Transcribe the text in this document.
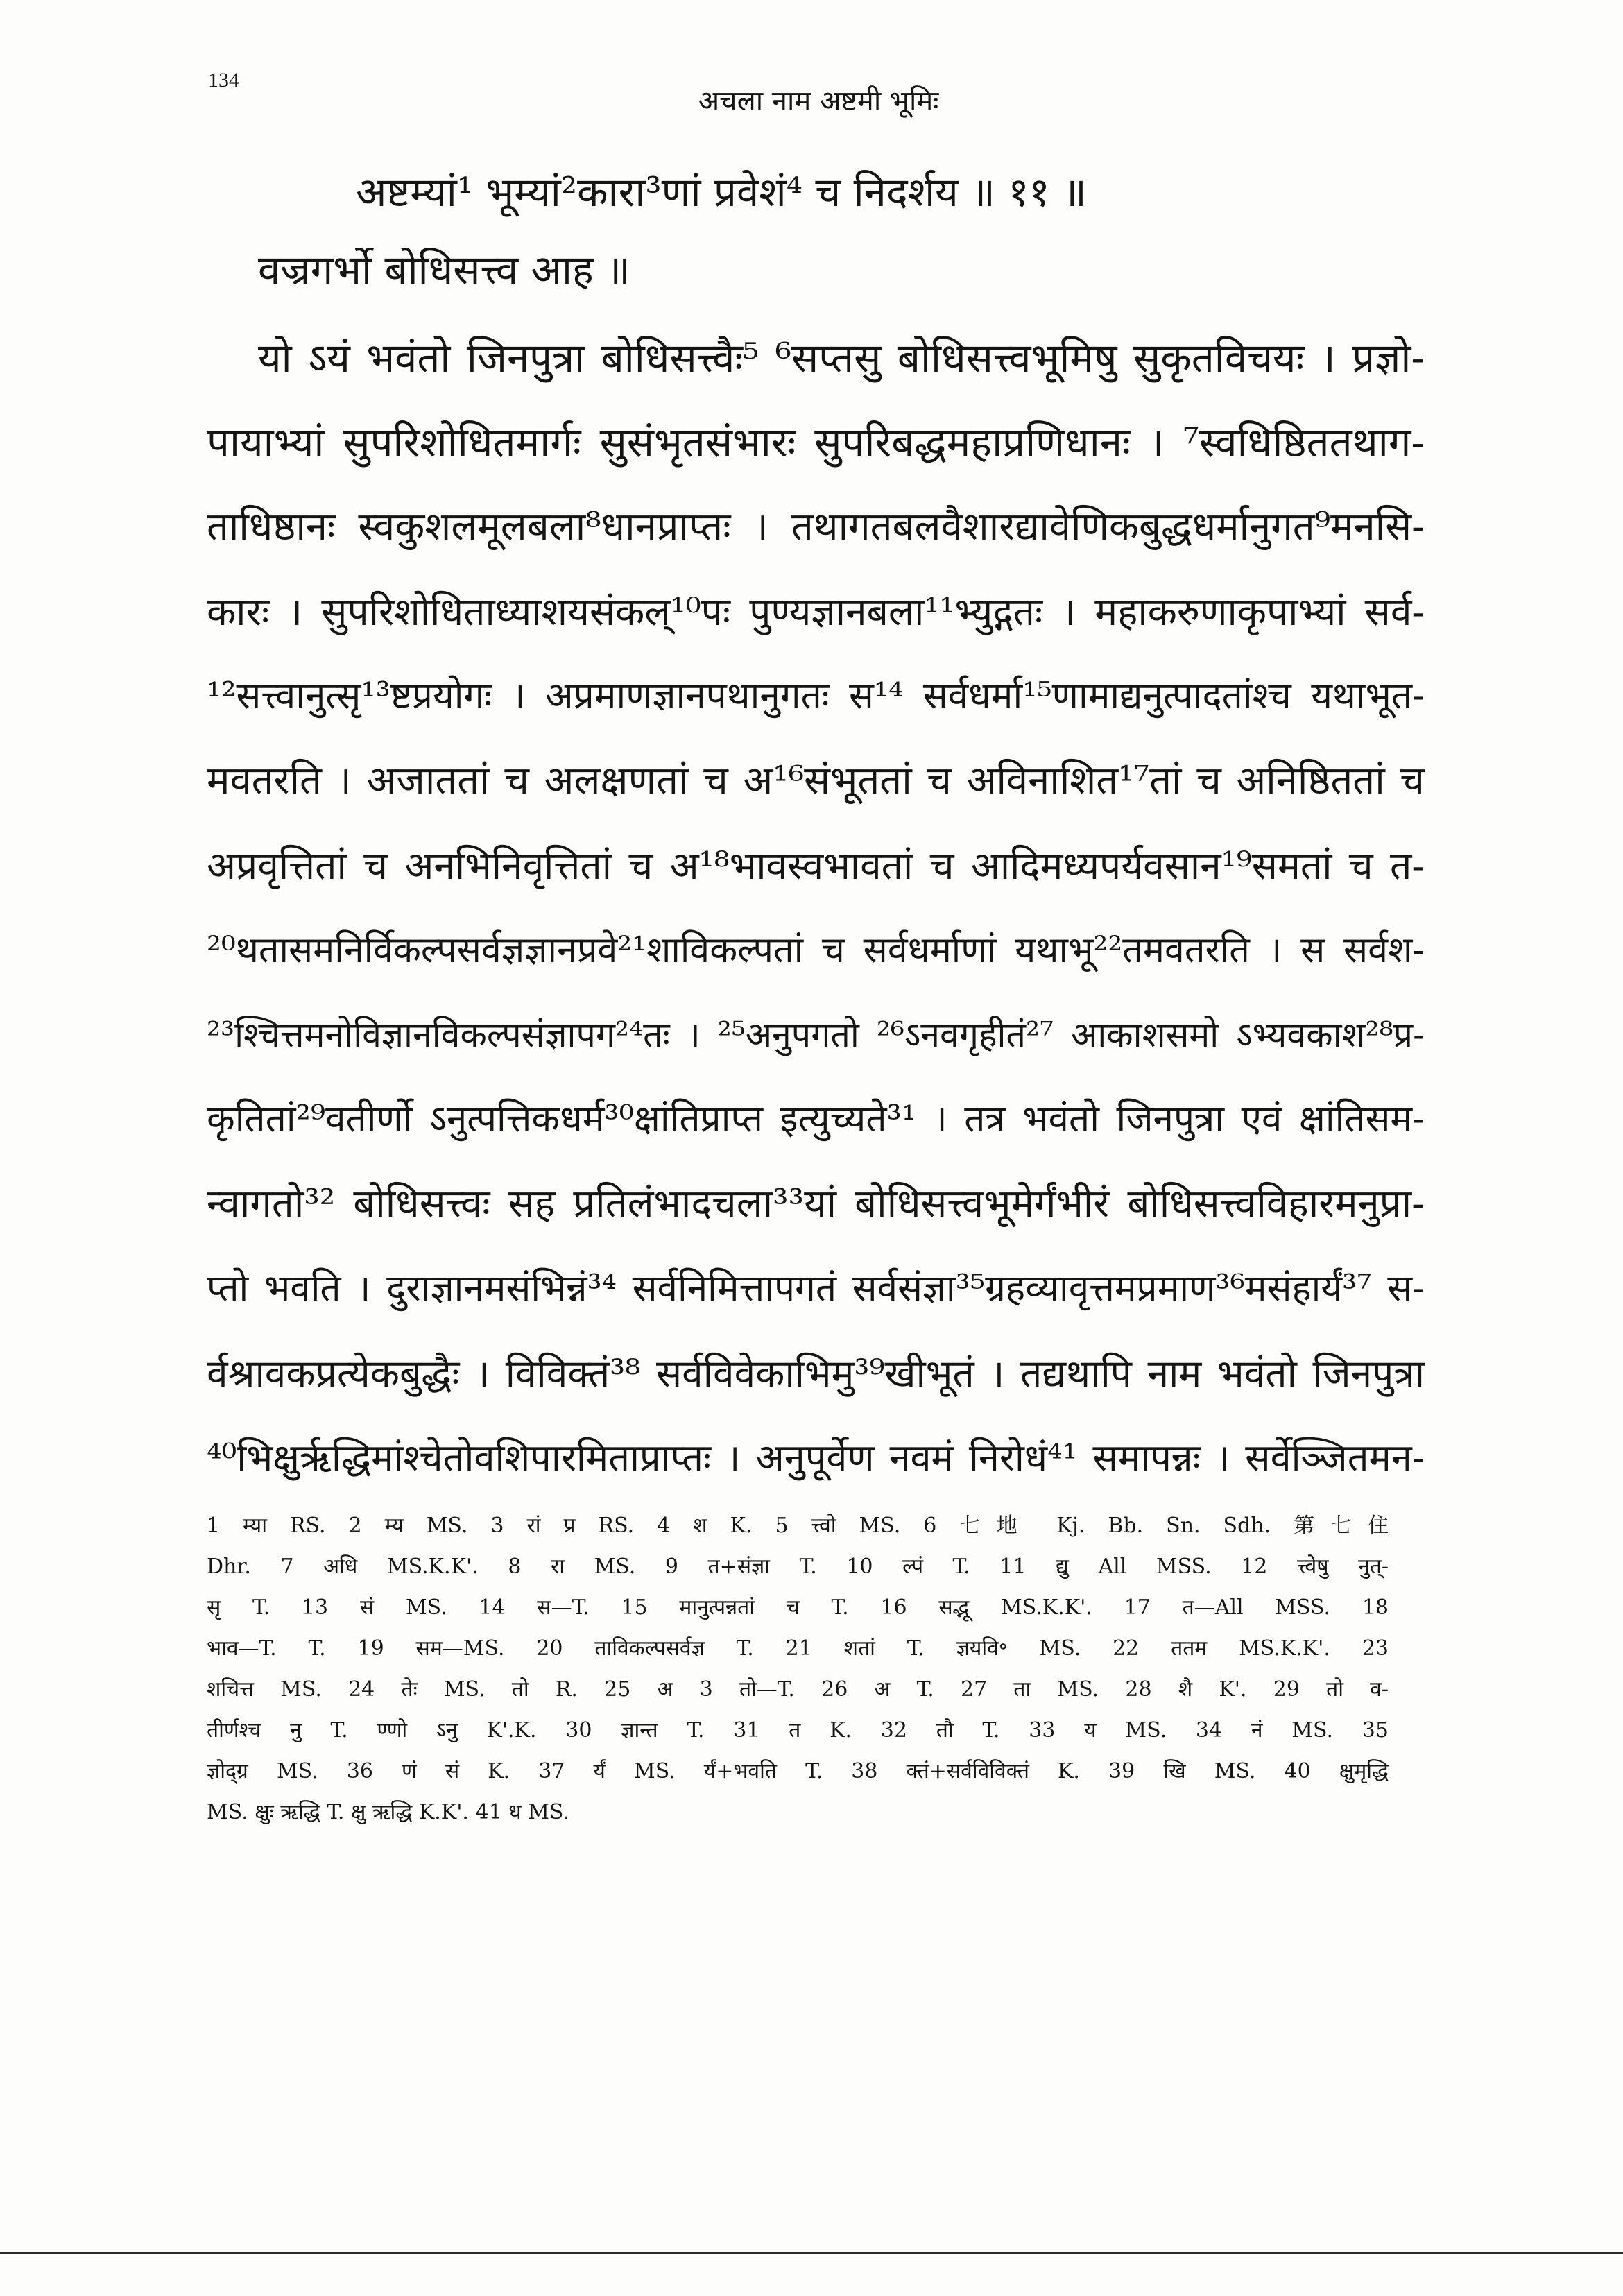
134
अचला नाम अष्टमी भूमिः
अष्टम्यां¹ भूम्यां²कारा³णां प्रवेशं⁴ च निदर्शय ॥ ११ ॥
वज्रगर्भो बोधिसत्त्व आह ॥
यो ऽयं भवंतो जिनपुत्रा बोधिसत्त्वैः⁵ ⁶सप्तसु बोधिसत्त्वभूमिषु सुकृतविचयः । प्रज्ञो-
पायाभ्यां सुपरिशोधितमार्गः सुसंभृतसंभारः सुपरिबद्धमहाप्रणिधानः । ⁷स्वधिष्ठिततथाग-
ताधिष्ठानः स्वकुशलमूलबला⁸धानप्राप्तः । तथागतबलवैशारद्यावेणिकबुद्धधर्मानुगत⁹मनसि-
कारः । सुपरिशोधिताध्याशयसंकल्¹⁰पः पुण्यज्ञानबला¹¹भ्युद्गतः । महाकरुणाकृपाभ्यां सर्व-
¹²सत्त्वानुत्सृ¹³ष्टप्रयोगः । अप्रमाणज्ञानपथानुगतः स¹⁴ सर्वधर्मा¹⁵णामाद्यनुत्पादतांश्च यथाभूत-
मवतरति । अजाततां च अलक्षणतां च अ¹⁶संभूततां च अविनाशित¹⁷तां च अनिष्ठिततां च
अप्रवृत्तितां च अनभिनिवृत्तितां च अ¹⁸भावस्वभावतां च आदिमध्यपर्यवसान¹⁹समतां च त-
²⁰थतासमनिर्विकल्पसर्वज्ञज्ञानप्रवे²¹शाविकल्पतां च सर्वधर्माणां यथाभू²²तमवतरति । स सर्वश-
²³श्चित्तमनोविज्ञानविकल्पसंज्ञापग²⁴तः । ²⁵अनुपगतो ²⁶ऽनवगृहीतं²⁷ आकाशसमो ऽभ्यवकाश²⁸प्र-
कृतितां²⁹वतीर्णो ऽनुत्पत्तिकधर्म³⁰क्षांतिप्राप्त इत्युच्यते³¹ । तत्र भवंतो जिनपुत्रा एवं क्षांतिसम-
न्वागतो³² बोधिसत्त्वः सह प्रतिलंभादचला³³यां बोधिसत्त्वभूमेर्गंभीरं बोधिसत्त्वविहारमनुप्रा-
प्तो भवति । दुराज्ञानमसंभिन्नं³⁴ सर्वनिमित्तापगतं सर्वसंज्ञा³⁵ग्रहव्यावृत्तमप्रमाण³⁶मसंहार्यं³⁷ स-
र्वश्रावकप्रत्येकबुद्धैः । विविक्तं³⁸ सर्वविवेकाभिमु³⁹खीभूतं । तद्यथापि नाम भवंतो जिनपुत्रा
⁴⁰भिक्षुर्ऋद्धिमांश्चेतोवशिपारमिताप्राप्तः । अनुपूर्वेण नवमं निरोधं⁴¹ समापन्नः । सर्वेञ्जितमन-
1 म्या RS. 2 म्य MS. 3 रां प्र RS. 4 श K. 5 त्त्वो MS. 6 七地 Kj. Bb. Sn. Sdh. 第七住
Dhr. 7 अधि MS.K.K'. 8 रा MS. 9 त+संज्ञा T. 10 ल्पं T. 11 द्यु All MSS. 12 त्त्वेषु नुत्-
सृ T. 13 सं MS. 14 स—T. 15 मानुत्पन्नतां च T. 16 सद्भू MS.K.K'. 17 त—All MSS. 18
भाव—T. T. 19 सम—MS. 20 ताविकल्पसर्वज्ञ T. 21 शतां T. ज्ञयवि॰ MS. 22 ततम MS.K.K'. 23
शचित्त MS. 24 तेः MS. तो R. 25 अ 3 तो—T. 26 अ T. 27 ता MS. 28 शै K'. 29 तो व-
तीर्णश्च नु T. ण्णो ऽनु K'.K. 30 ज्ञान्त T. 31 त K. 32 तौ T. 33 य MS. 34 नं MS. 35
ज्ञोद्ग्र MS. 36 णं सं K. 37 र्यं MS. र्यं+भवति T. 38 क्तं+सर्वविविक्तं K. 39 खि MS. 40 क्षुमृद्धि
MS. क्षुः ऋद्धि T. क्षु ऋद्धि K.K'. 41 ध MS.
